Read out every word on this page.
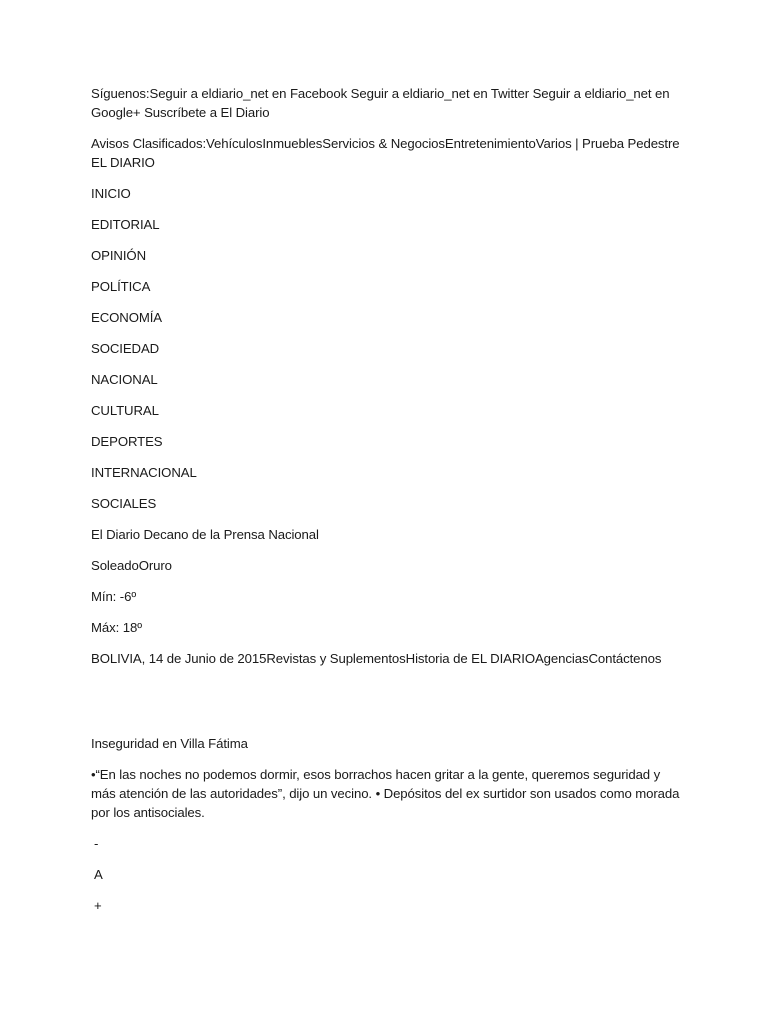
Síguenos:Seguir a eldiario_net en Facebook Seguir a eldiario_net en Twitter Seguir a eldiario_net en Google+ Suscríbete a El Diario

Avisos Clasificados:VehículosInmueblesServicios & NegociosEntretenimientoVarios | Prueba Pedestre EL DIARIO

INICIO

EDITORIAL

OPINIÓN

POLÍTICA

ECONOMÍA

SOCIEDAD

NACIONAL

CULTURAL

DEPORTES

INTERNACIONAL

SOCIALES

El Diario Decano de la Prensa Nacional

SoleadoOruro

Mín: -6º

Máx: 18º

BOLIVIA, 14 de Junio de 2015Revistas y SuplementosHistoria de EL DIARIOAgenciasContáctenos

Inseguridad en Villa Fátima

•“En las noches no podemos dormir, esos borrachos hacen gritar a la gente, queremos seguridad y más atención de las autoridades”, dijo un vecino. • Depósitos del ex surtidor son usados como morada por los antisociales.

-

A

+
